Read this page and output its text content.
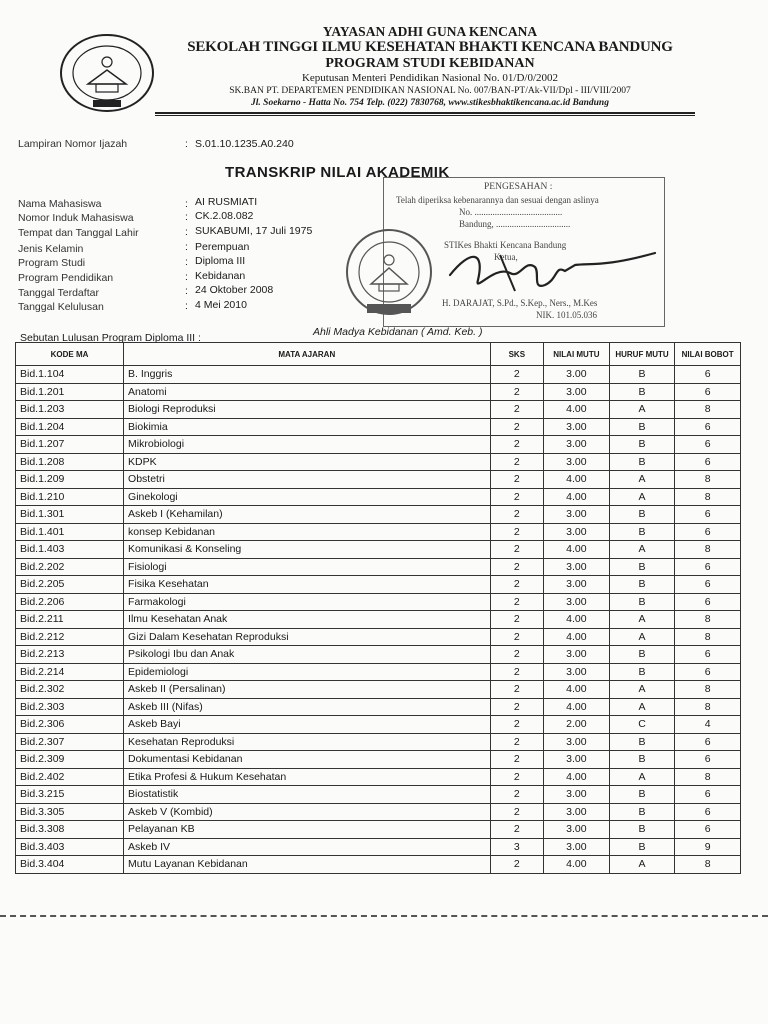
YAYASAN ADHI GUNA KENCANA
SEKOLAH TINGGI ILMU KESEHATAN BHAKTI KENCANA BANDUNG
PROGRAM STUDI KEBIDANAN
Keputusan Menteri Pendidikan Nasional No. 01/D/0/2002
SK.BAN PT. DEPARTEMEN PENDIDIKAN NASIONAL No. 007/BAN-PT/Ak-VII/Dpl - III/VIII/2007
Jl. Soekarno - Hatta No. 754 Telp. (022) 7830768, www.stikesbhaktikencana.ac.id Bandung
Lampiran Nomor Ijazah	: S.01.10.1235.A0.240
TRANSKRIP NILAI AKADEMIK
Nama Mahasiswa	: AI RUSMIATI
Nomor Induk Mahasiswa	: CK.2.08.082
Tempat dan Tanggal Lahir	: SUKABUMI, 17 Juli 1975
Jenis Kelamin	: Perempuan
Program Studi	: Diploma III
Program Pendidikan	: Kebidanan
Tanggal Terdaftar	: 24 Oktober 2008
Tanggal Kelulusan	: 4 Mei 2010
PENGESAHAN :
Telah diperiksa kebenarannya dan sesuai dengan aslinya
No. .......................................
Bandung, .................................
STIKes Bhakti Kencana Bandung
Ketua,
H. DARAJAT, S.Pd., S.Kep., Ners., M.Kes
NIK. 101.05.036
Sebutan Lulusan Program Diploma III :	Ahli Madya Kebidanan ( Amd. Keb. )
KODE MA	MATA AJARAN	SKS	NILAI MUTU	HURUF MUTU	NILAI BOBOT
Bid.1.104	B. Inggris	2	3.00	B	6
Bid.1.201	Anatomi	2	3.00	B	6
Bid.1.203	Biologi Reproduksi	2	4.00	A	8
Bid.1.204	Biokimia	2	3.00	B	6
Bid.1.207	Mikrobiologi	2	3.00	B	6
Bid.1.208	KDPK	2	3.00	B	6
Bid.1.209	Obstetri	2	4.00	A	8
Bid.1.210	Ginekologi	2	4.00	A	8
Bid.1.301	Askeb I (Kehamilan)	2	3.00	B	6
Bid.1.401	konsep Kebidanan	2	3.00	B	6
Bid.1.403	Komunikasi & Konseling	2	4.00	A	8
Bid.2.202	Fisiologi	2	3.00	B	6
Bid.2.205	Fisika Kesehatan	2	3.00	B	6
Bid.2.206	Farmakologi	2	3.00	B	6
Bid.2.211	Ilmu Kesehatan Anak	2	4.00	A	8
Bid.2.212	Gizi Dalam Kesehatan Reproduksi	2	4.00	A	8
Bid.2.213	Psikologi Ibu dan Anak	2	3.00	B	6
Bid.2.214	Epidemiologi	2	3.00	B	6
Bid.2.302	Askeb II (Persalinan)	2	4.00	A	8
Bid.2.303	Askeb III (Nifas)	2	4.00	A	8
Bid.2.306	Askeb Bayi	2	2.00	C	4
Bid.2.307	Kesehatan Reproduksi	2	3.00	B	6
Bid.2.309	Dokumentasi Kebidanan	2	3.00	B	6
Bid.2.402	Etika Profesi & Hukum Kesehatan	2	4.00	A	8
Bid.3.215	Biostatistik	2	3.00	B	6
Bid.3.305	Askeb V (Kombid)	2	3.00	B	6
Bid.3.308	Pelayanan KB	2	3.00	B	6
Bid.3.403	Askeb IV	3	3.00	B	9
Bid.3.404	Mutu Layanan Kebidanan	2	4.00	A	8
